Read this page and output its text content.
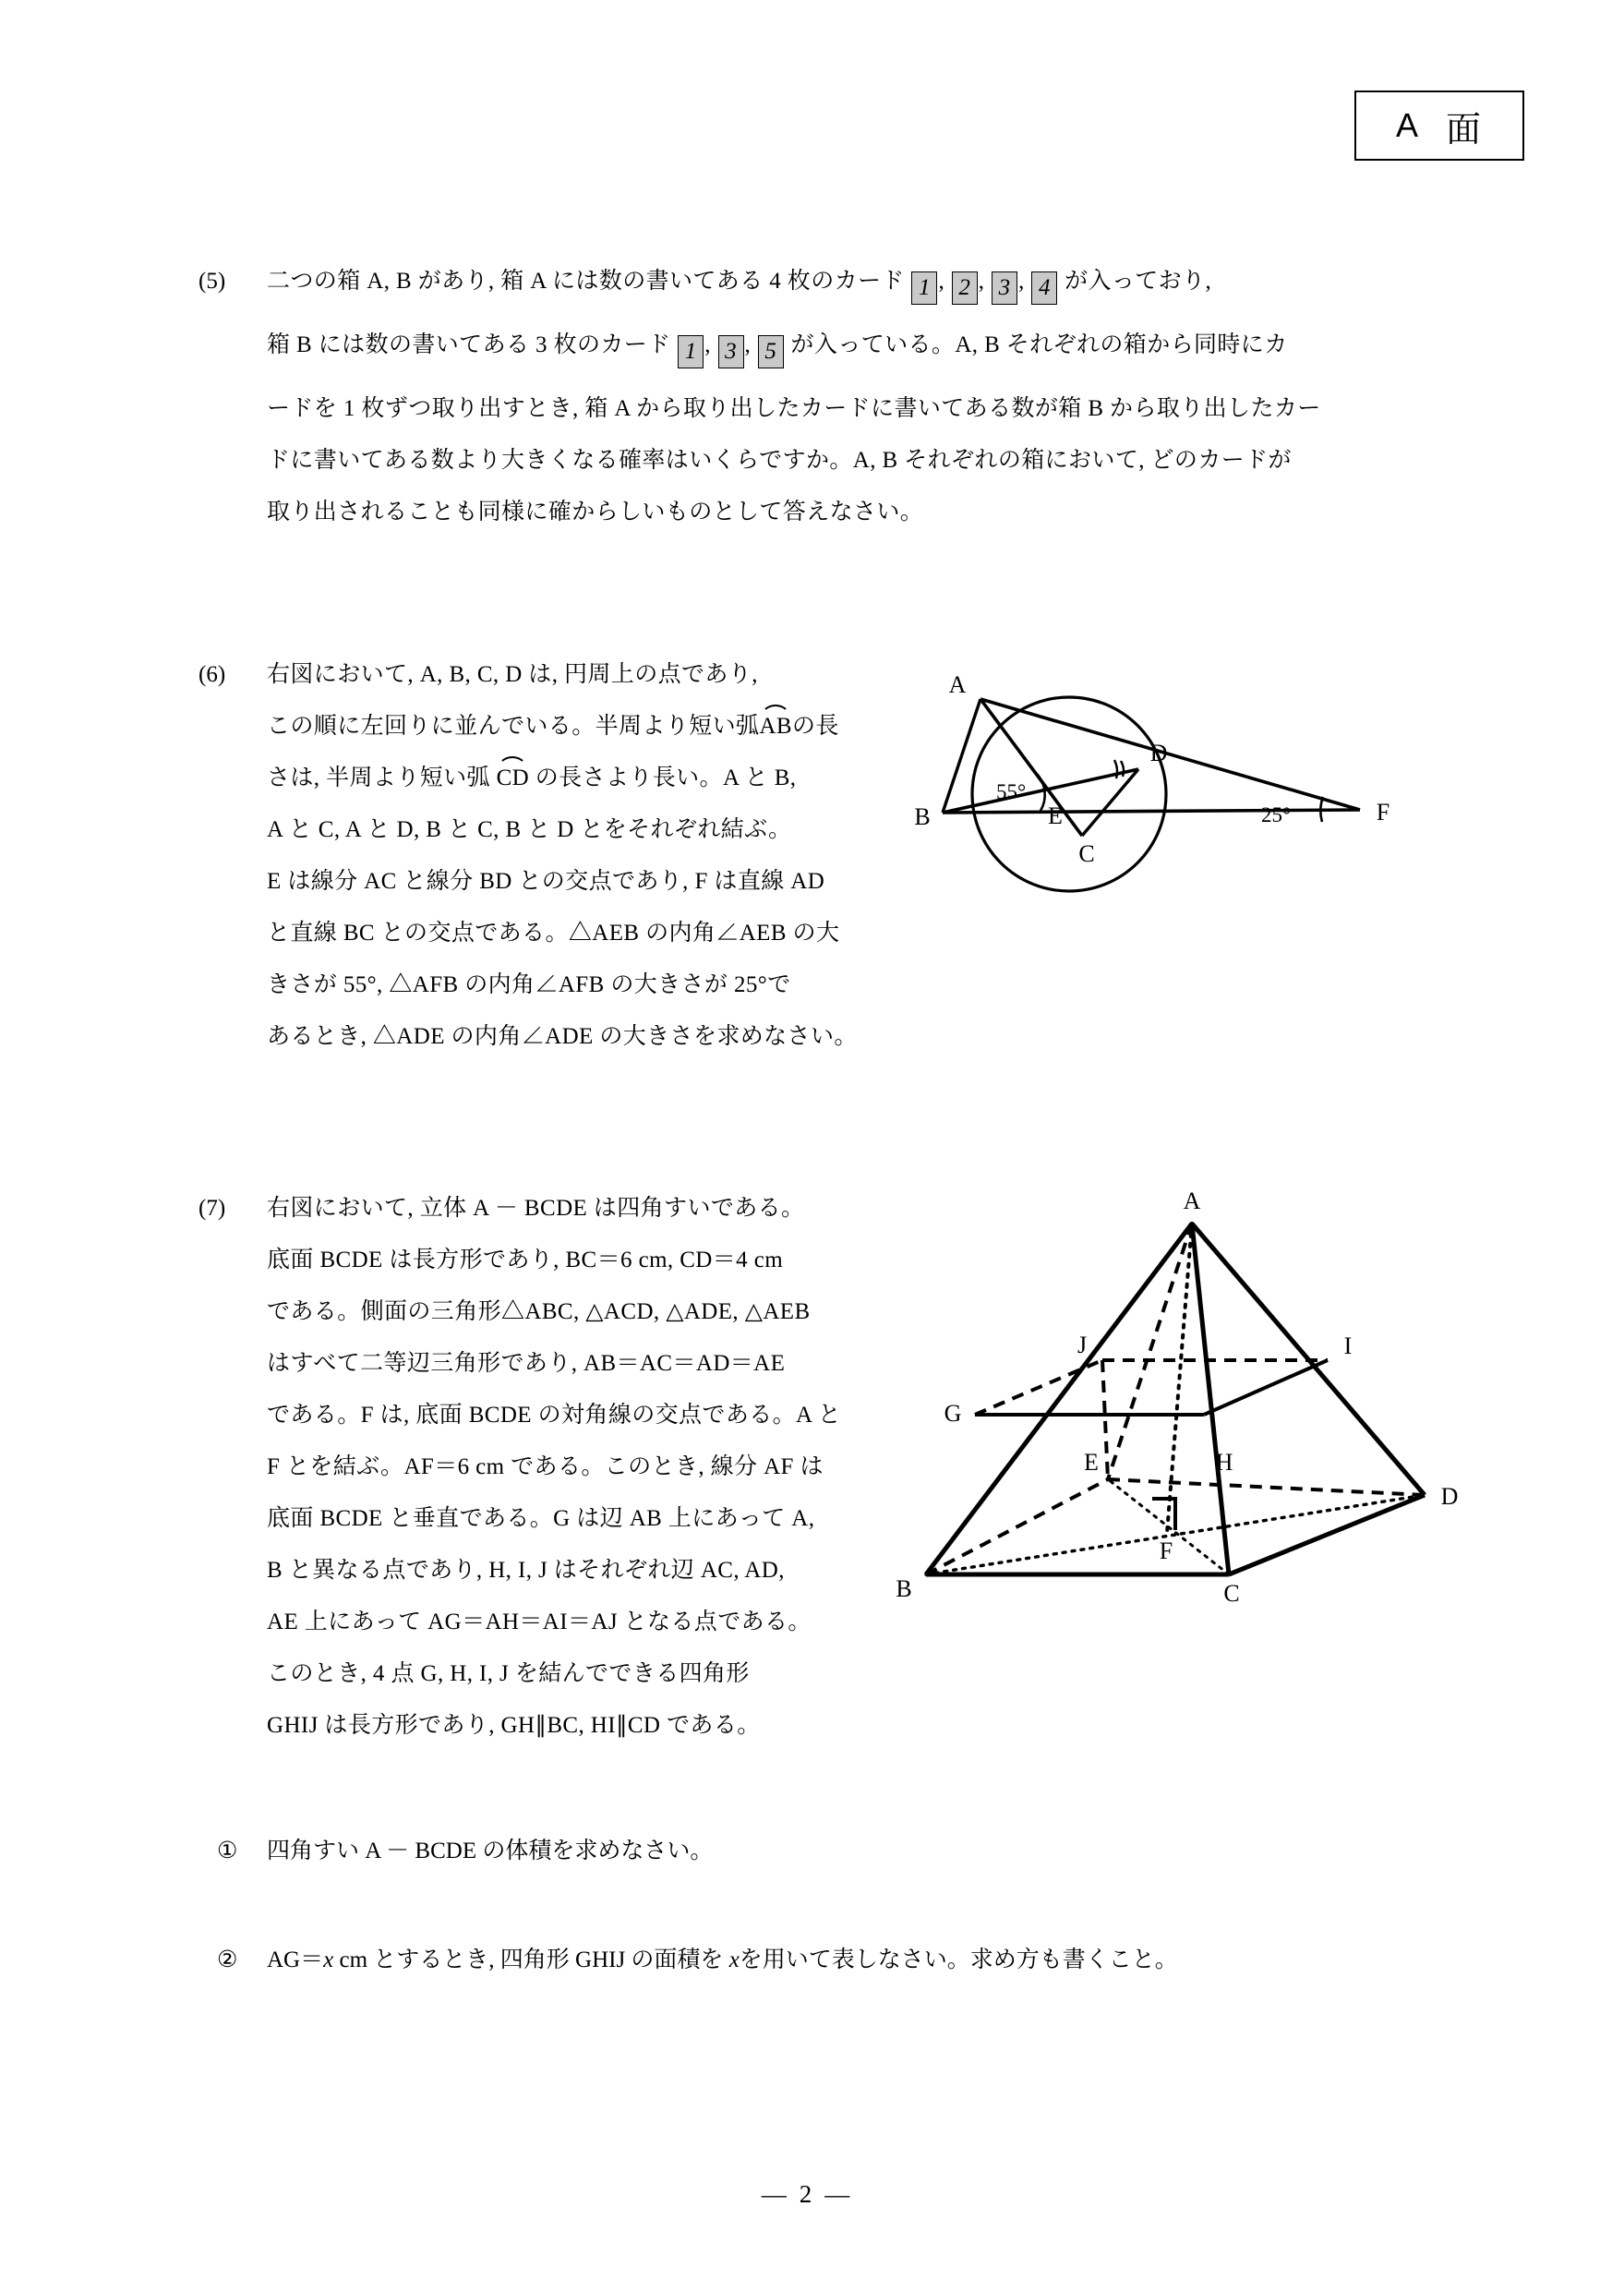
A 面
(5)	二つの箱 A, B があり, 箱 A には数の書いてある 4 枚のカード 1 , 2 , 3 , 4 が入っており,
箱 B には数の書いてある 3 枚のカード 1 , 3 , 5 が入っている。A, B それぞれの箱から同時にカ
ードを 1 枚ずつ取り出すとき, 箱 A から取り出したカードに書いてある数が箱 B から取り出したカー
ドに書いてある数より大きくなる確率はいくらですか。A, B それぞれの箱において, どのカードが
取り出されることも同様に確からしいものとして答えなさい。
(6)	右図において, A, B, C, D は, 円周上の点であり,
この順に左回りに並んでいる。半周より短い弧ABの長
さは, 半周より短い弧 CD の長さより長い。A と B,
A と C, A と D, B と C, B と D とをそれぞれ結ぶ。
E は線分 AC と線分 BD との交点であり, F は直線 AD
と直線 BC との交点である。△AEB の内角∠AEB の大
きさが 55°, △AFB の内角∠AFB の大きさが 25°で
あるとき, △ADE の内角∠ADE の大きさを求めなさい。
A
B
C
D
E	F
55°
25°
(7)	右図において, 立体 A － BCDE は四角すいである。
底面 BCDE は長方形であり, BC＝6 cm, CD＝4 cm
である。側面の三角形△ABC, △ACD, △ADE, △AEB
はすべて二等辺三角形であり, AB＝AC＝AD＝AE
である。F は, 底面 BCDE の対角線の交点である。A と
F とを結ぶ。AF＝6 cm である。このとき, 線分 AF は
底面 BCDE と垂直である。G は辺 AB 上にあって A,
B と異なる点であり, H, I, J はそれぞれ辺 AC, AD,
AE 上にあって AG＝AH＝AI＝AJ となる点である。
このとき, 4 点 G, H, I, J を結んでできる四角形
GHIJ は長方形であり, GH∥BC, HI∥CD である。
A
B	C
D
E
F
G
H
I
J
① 四角すい A － BCDE の体積を求めなさい。
② AG＝x cm とするとき, 四角形 GHIJ の面積を xを用いて表しなさい。求め方も書くこと。
—2—
